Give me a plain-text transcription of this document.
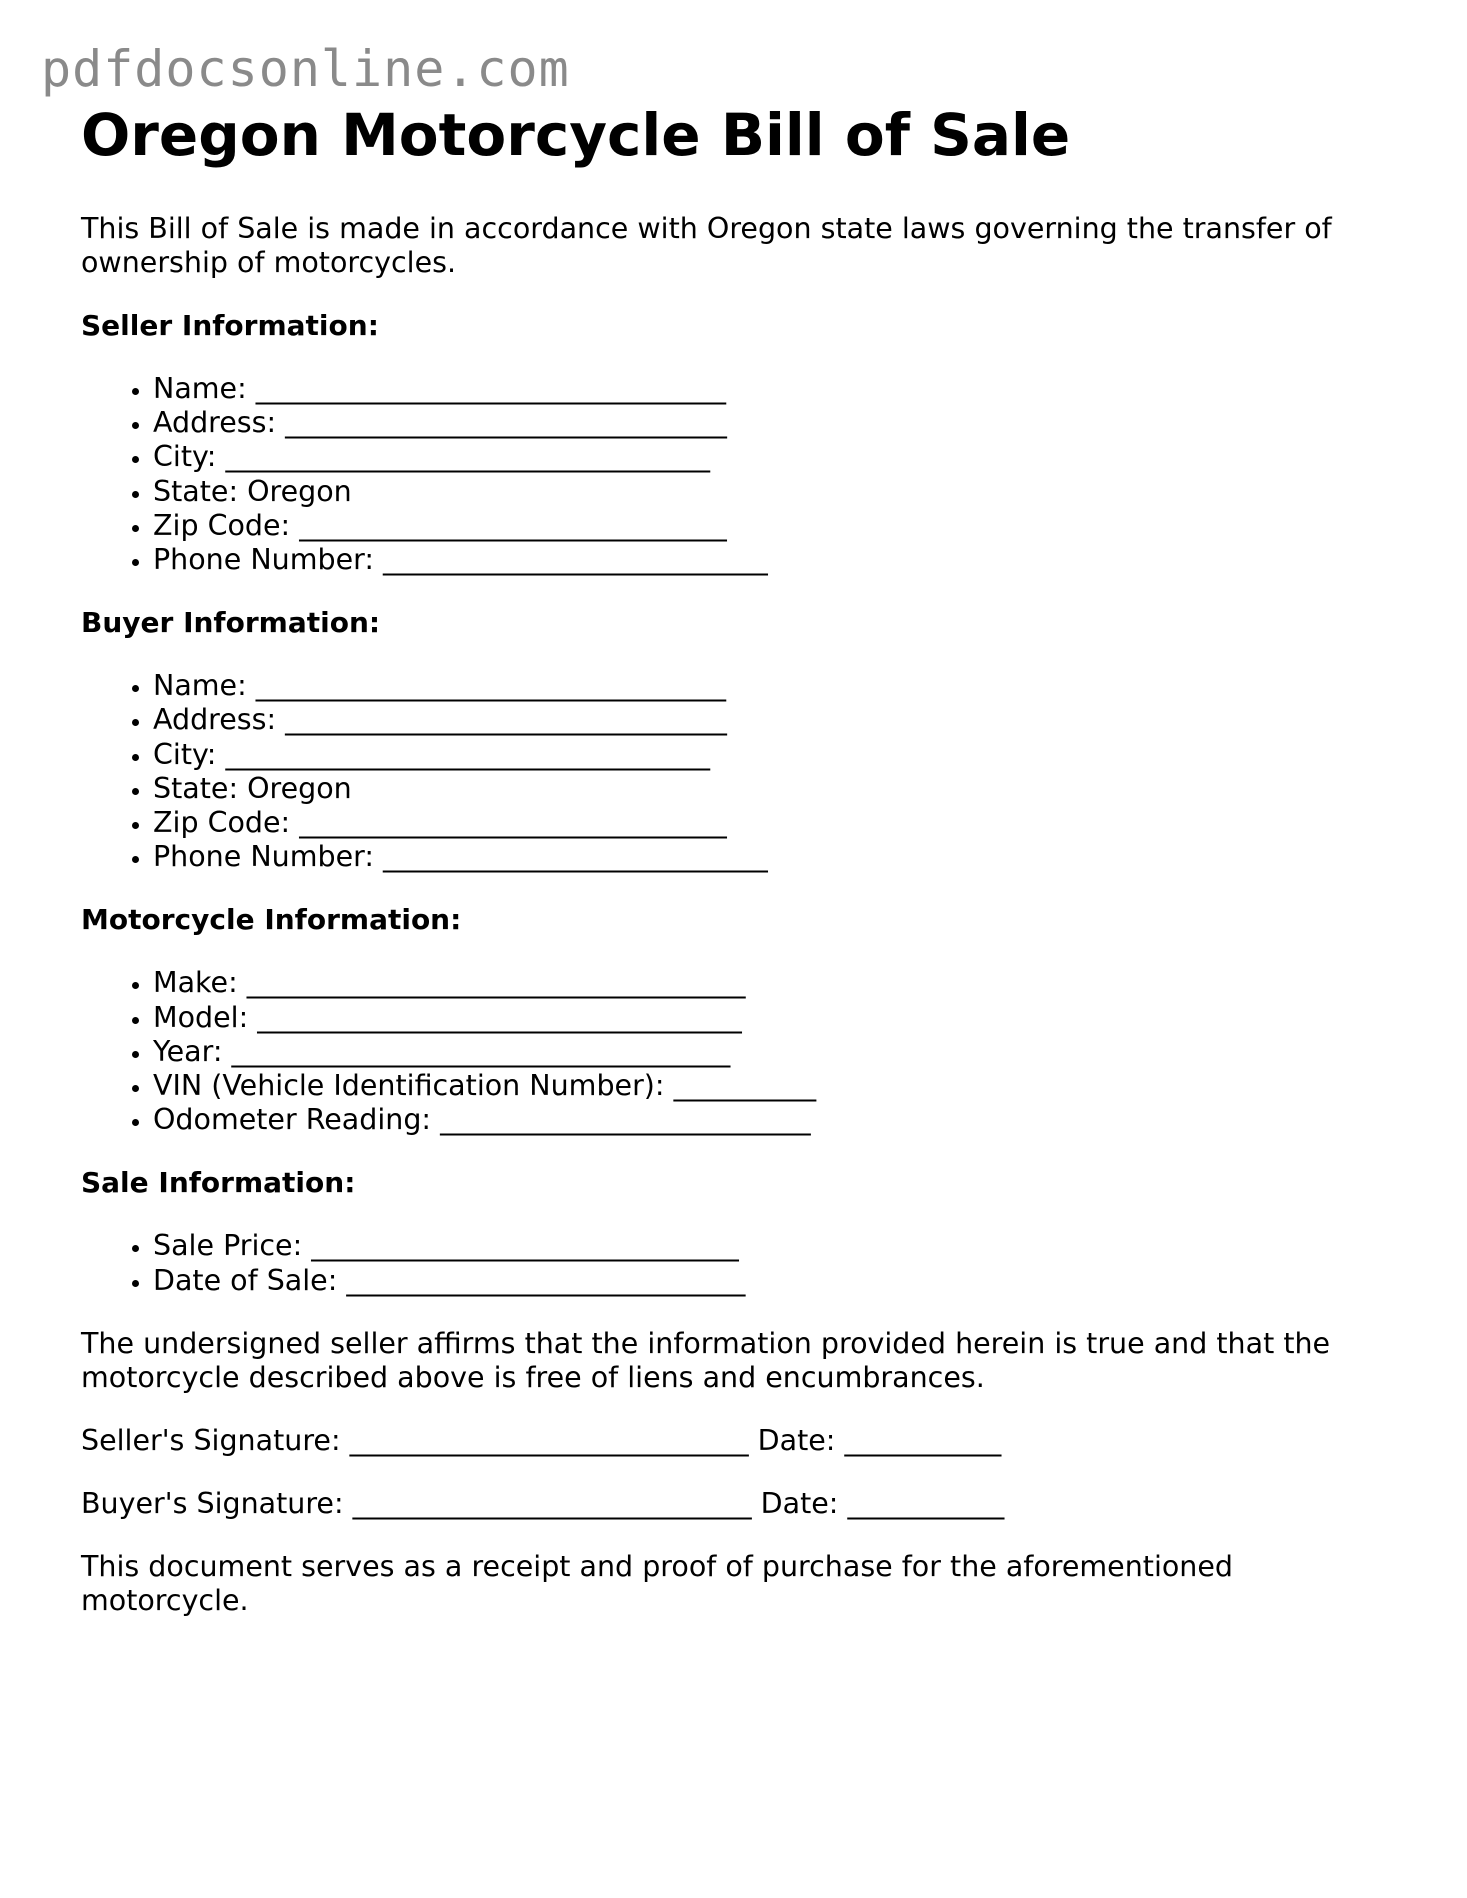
pdfdocsonline.com
Oregon Motorcycle Bill of Sale

This Bill of Sale is made in accordance with Oregon state laws governing the transfer of ownership of motorcycles.

Seller Information:
• Name: _________________________________
• Address: _______________________________
• City: __________________________________
• State: Oregon
• Zip Code: ______________________________
• Phone Number: ___________________________
Buyer Information:
• Name: _________________________________
• Address: _______________________________
• City: __________________________________
• State: Oregon
• Zip Code: ______________________________
• Phone Number: ___________________________
Motorcycle Information:
• Make: ___________________________________
• Model: __________________________________
• Year: ___________________________________
• VIN (Vehicle Identification Number): __________
• Odometer Reading: __________________________
Sale Information:
• Sale Price: ______________________________
• Date of Sale: ____________________________

The undersigned seller affirms that the information provided herein is true and that the motorcycle described above is free of liens and encumbrances.

Seller's Signature: ____________________________ Date: ___________
Buyer's Signature: ____________________________ Date: ___________

This document serves as a receipt and proof of purchase for the aforementioned motorcycle.
